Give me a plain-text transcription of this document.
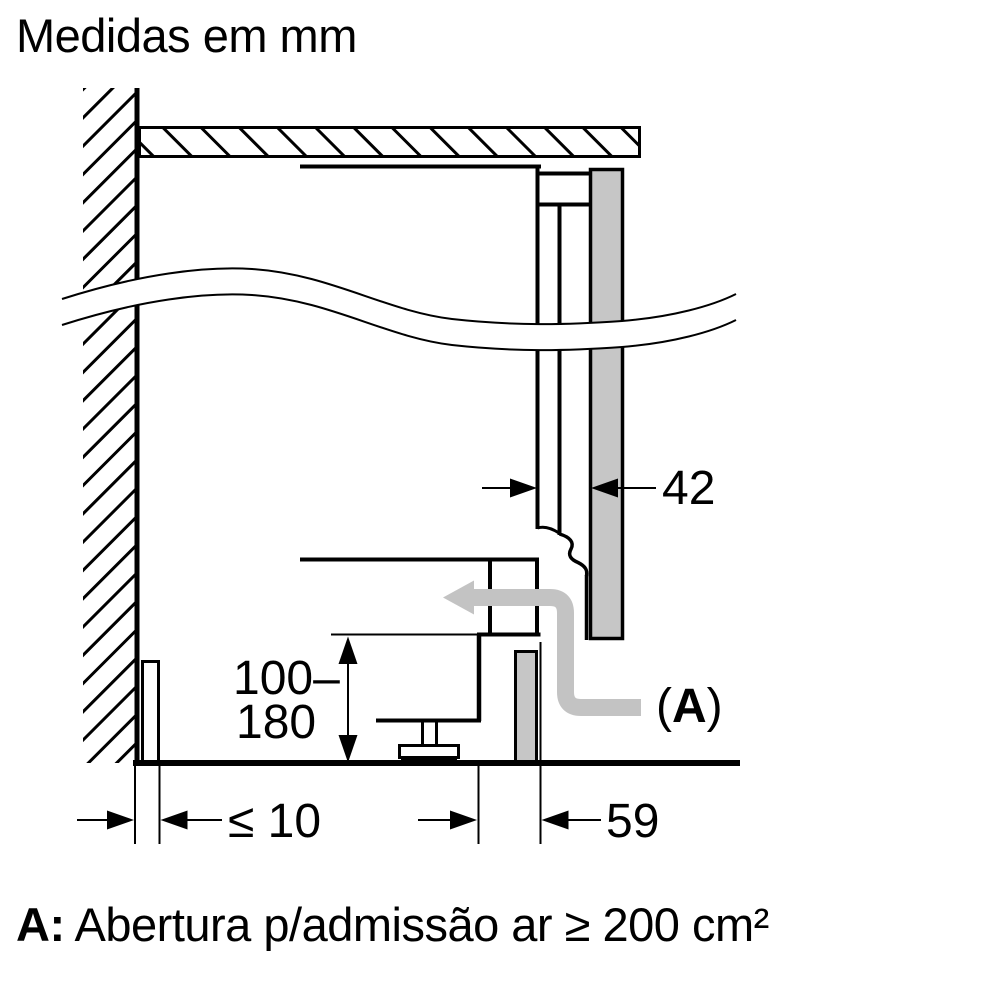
Medidas em mm
42
100–
180
≤ 10	59
(A)
A: Abertura p/admissão ar ≥ 200 cm²
